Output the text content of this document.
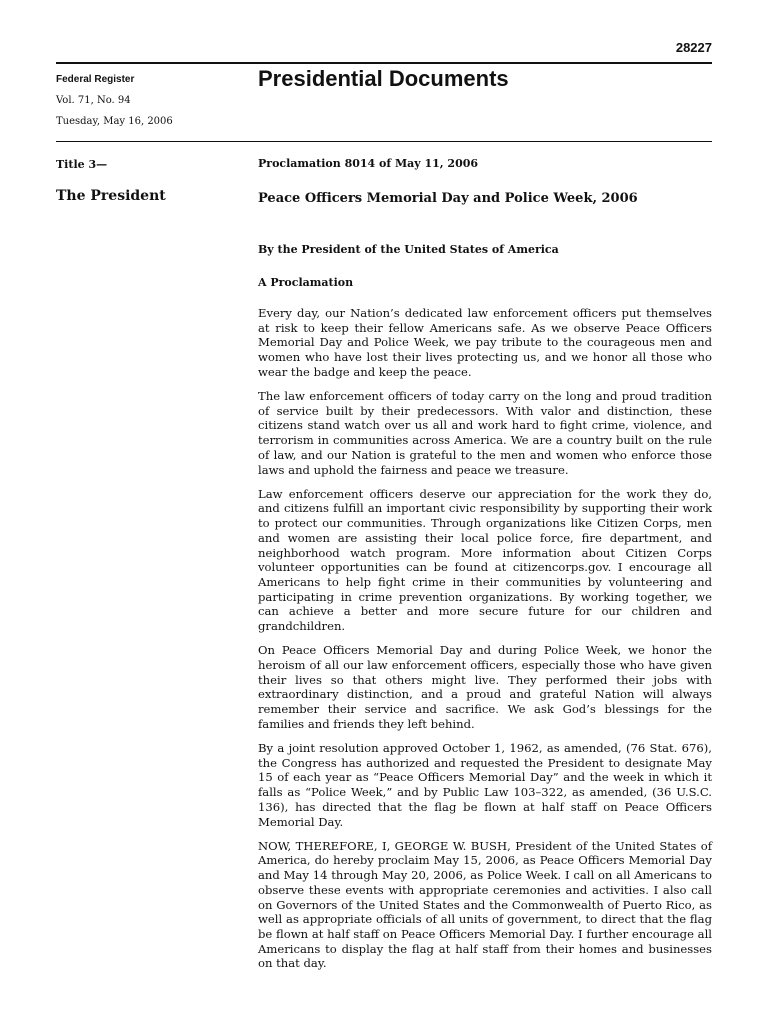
28227
Federal Register
Vol. 71, No. 94
Tuesday, May 16, 2006
Presidential Documents
Title 3—
The President
Proclamation 8014 of May 11, 2006
Peace Officers Memorial Day and Police Week, 2006
By the President of the United States of America
A Proclamation

Every day, our Nation’s dedicated law enforcement officers put themselves at risk to keep their fellow Americans safe. As we observe Peace Officers Memorial Day and Police Week, we pay tribute to the courageous men and women who have lost their lives protecting us, and we honor all those who wear the badge and keep the peace.

The law enforcement officers of today carry on the long and proud tradition of service built by their predecessors. With valor and distinction, these citizens stand watch over us all and work hard to fight crime, violence, and terrorism in communities across America. We are a country built on the rule of law, and our Nation is grateful to the men and women who enforce those laws and uphold the fairness and peace we treasure.

Law enforcement officers deserve our appreciation for the work they do, and citizens fulfill an important civic responsibility by supporting their work to protect our communities. Through organizations like Citizen Corps, men and women are assisting their local police force, fire department, and neighborhood watch program. More information about Citizen Corps volunteer opportunities can be found at citizencorps.gov. I encourage all Americans to help fight crime in their communities by volunteering and participating in crime prevention organizations. By working together, we can achieve a better and more secure future for our children and grandchildren.

On Peace Officers Memorial Day and during Police Week, we honor the heroism of all our law enforcement officers, especially those who have given their lives so that others might live. They performed their jobs with extraordinary distinction, and a proud and grateful Nation will always remember their service and sacrifice. We ask God’s blessings for the families and friends they left behind.

By a joint resolution approved October 1, 1962, as amended, (76 Stat. 676), the Congress has authorized and requested the President to designate May 15 of each year as “Peace Officers Memorial Day” and the week in which it falls as “Police Week,” and by Public Law 103–322, as amended, (36 U.S.C. 136), has directed that the flag be flown at half staff on Peace Officers Memorial Day.

NOW, THEREFORE, I, GEORGE W. BUSH, President of the United States of America, do hereby proclaim May 15, 2006, as Peace Officers Memorial Day and May 14 through May 20, 2006, as Police Week. I call on all Americans to observe these events with appropriate ceremonies and activities. I also call on Governors of the United States and the Commonwealth of Puerto Rico, as well as appropriate officials of all units of government, to direct that the flag be flown at half staff on Peace Officers Memorial Day. I further encourage all Americans to display the flag at half staff from their homes and businesses on that day.
